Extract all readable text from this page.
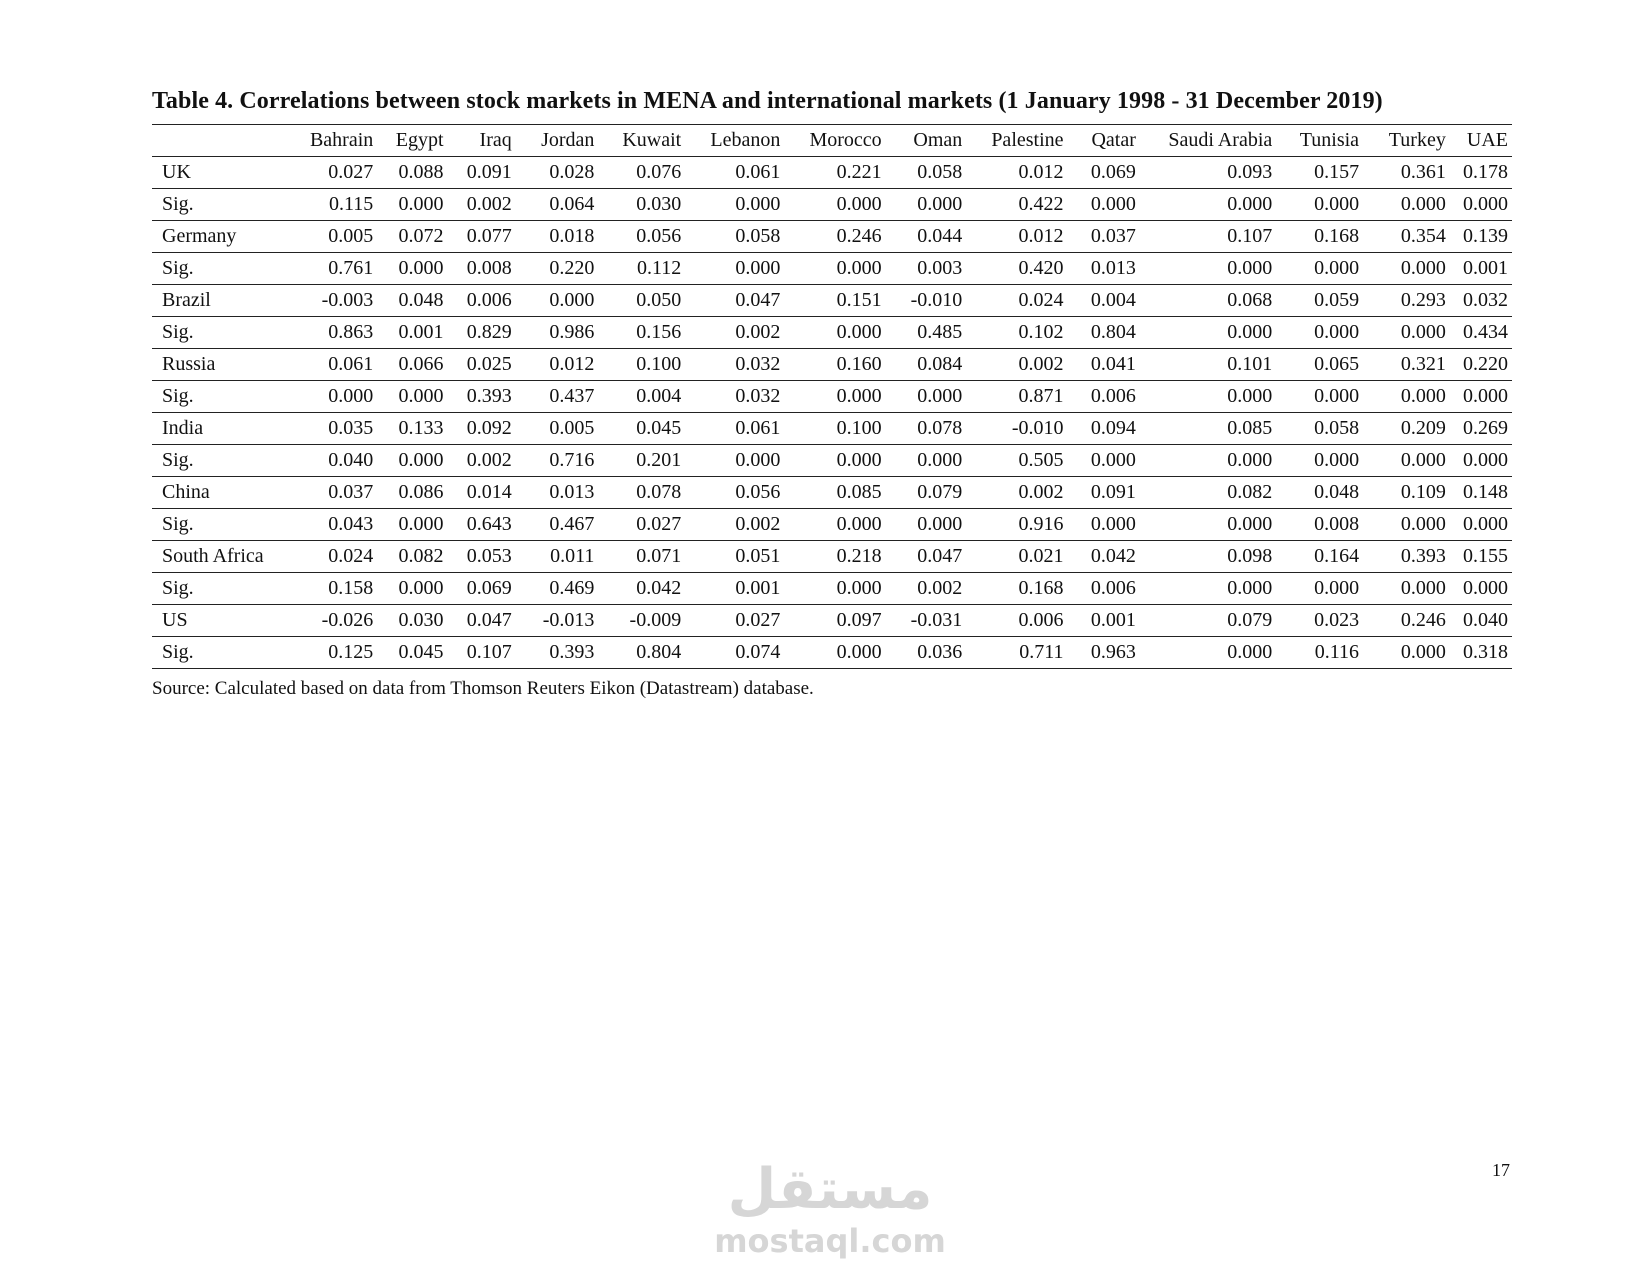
Table 4. Correlations between stock markets in MENA and international markets (1 January 1998 - 31 December 2019)
	Bahrain	Egypt	Iraq	Jordan	Kuwait	Lebanon	Morocco	Oman	Palestine	Qatar	Saudi Arabia	Tunisia	Turkey	UAE
UK	0.027	0.088	0.091	0.028	0.076	0.061	0.221	0.058	0.012	0.069	0.093	0.157	0.361	0.178
Sig.	0.115	0.000	0.002	0.064	0.030	0.000	0.000	0.000	0.422	0.000	0.000	0.000	0.000	0.000
Germany	0.005	0.072	0.077	0.018	0.056	0.058	0.246	0.044	0.012	0.037	0.107	0.168	0.354	0.139
Sig.	0.761	0.000	0.008	0.220	0.112	0.000	0.000	0.003	0.420	0.013	0.000	0.000	0.000	0.001
Brazil	-0.003	0.048	0.006	0.000	0.050	0.047	0.151	-0.010	0.024	0.004	0.068	0.059	0.293	0.032
Sig.	0.863	0.001	0.829	0.986	0.156	0.002	0.000	0.485	0.102	0.804	0.000	0.000	0.000	0.434
Russia	0.061	0.066	0.025	0.012	0.100	0.032	0.160	0.084	0.002	0.041	0.101	0.065	0.321	0.220
Sig.	0.000	0.000	0.393	0.437	0.004	0.032	0.000	0.000	0.871	0.006	0.000	0.000	0.000	0.000
India	0.035	0.133	0.092	0.005	0.045	0.061	0.100	0.078	-0.010	0.094	0.085	0.058	0.209	0.269
Sig.	0.040	0.000	0.002	0.716	0.201	0.000	0.000	0.000	0.505	0.000	0.000	0.000	0.000	0.000
China	0.037	0.086	0.014	0.013	0.078	0.056	0.085	0.079	0.002	0.091	0.082	0.048	0.109	0.148
Sig.	0.043	0.000	0.643	0.467	0.027	0.002	0.000	0.000	0.916	0.000	0.000	0.008	0.000	0.000
South Africa	0.024	0.082	0.053	0.011	0.071	0.051	0.218	0.047	0.021	0.042	0.098	0.164	0.393	0.155
Sig.	0.158	0.000	0.069	0.469	0.042	0.001	0.000	0.002	0.168	0.006	0.000	0.000	0.000	0.000
US	-0.026	0.030	0.047	-0.013	-0.009	0.027	0.097	-0.031	0.006	0.001	0.079	0.023	0.246	0.040
Sig.	0.125	0.045	0.107	0.393	0.804	0.074	0.000	0.036	0.711	0.963	0.000	0.116	0.000	0.318
Source: Calculated based on data from Thomson Reuters Eikon (Datastream) database.
17
مستقل
mostaql.com
